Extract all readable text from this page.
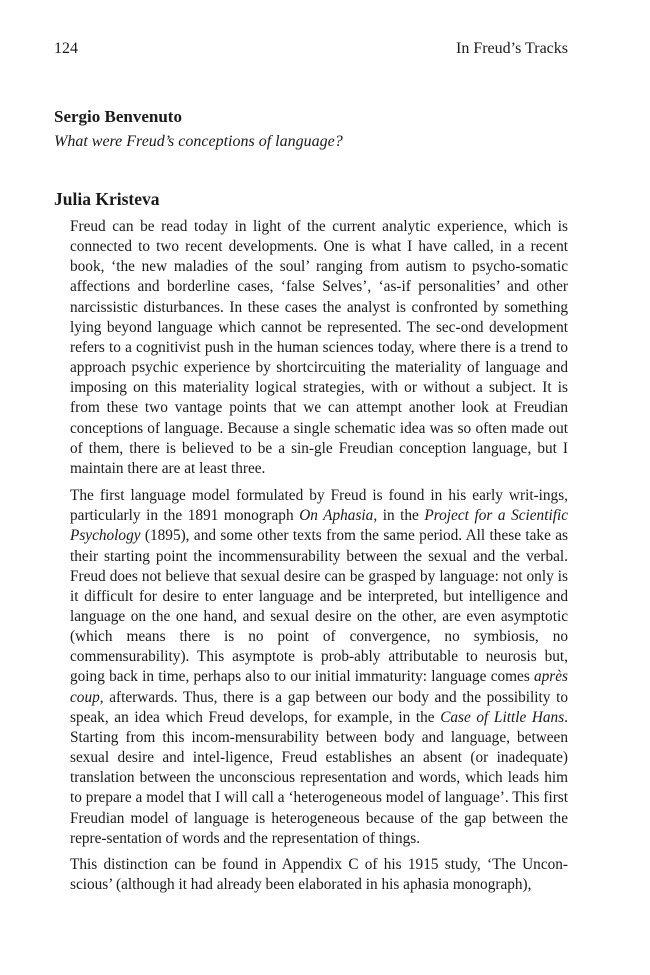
124	In Freud’s Tracks
Sergio Benvenuto
What were Freud’s conceptions of language?
Julia Kristeva

Freud can be read today in light of the current analytic experience, which is connected to two recent developments. One is what I have called, in a recent book, ‘the new maladies of the soul’ ranging from autism to psycho-somatic affections and borderline cases, ‘false Selves’, ‘as-if personalities’ and other narcissistic disturbances. In these cases the analyst is confronted by something lying beyond language which cannot be represented. The sec-ond development refers to a cognitivist push in the human sciences today, where there is a trend to approach psychic experience by shortcircuiting the materiality of language and imposing on this materiality logical strategies, with or without a subject. It is from these two vantage points that we can attempt another look at Freudian conceptions of language. Because a single schematic idea was so often made out of them, there is believed to be a sin-gle Freudian conception language, but I maintain there are at least three.

The first language model formulated by Freud is found in his early writ-ings, particularly in the 1891 monograph On Aphasia, in the Project for a Scientific Psychology (1895), and some other texts from the same period. All these take as their starting point the incommensurability between the sexual and the verbal. Freud does not believe that sexual desire can be grasped by language: not only is it difficult for desire to enter language and be interpreted, but intelligence and language on the one hand, and sexual desire on the other, are even asymptotic (which means there is no point of convergence, no symbiosis, no commensurability). This asymptote is prob-ably attributable to neurosis but, going back in time, perhaps also to our initial immaturity: language comes après coup, afterwards. Thus, there is a gap between our body and the possibility to speak, an idea which Freud develops, for example, in the Case of Little Hans. Starting from this incom-mensurability between body and language, between sexual desire and intel-ligence, Freud establishes an absent (or inadequate) translation between the unconscious representation and words, which leads him to prepare a model that I will call a ‘heterogeneous model of language’. This first Freudian model of language is heterogeneous because of the gap between the repre-sentation of words and the representation of things.

This distinction can be found in Appendix C of his 1915 study, ‘The Uncon-scious’ (although it had already been elaborated in his aphasia monograph),
